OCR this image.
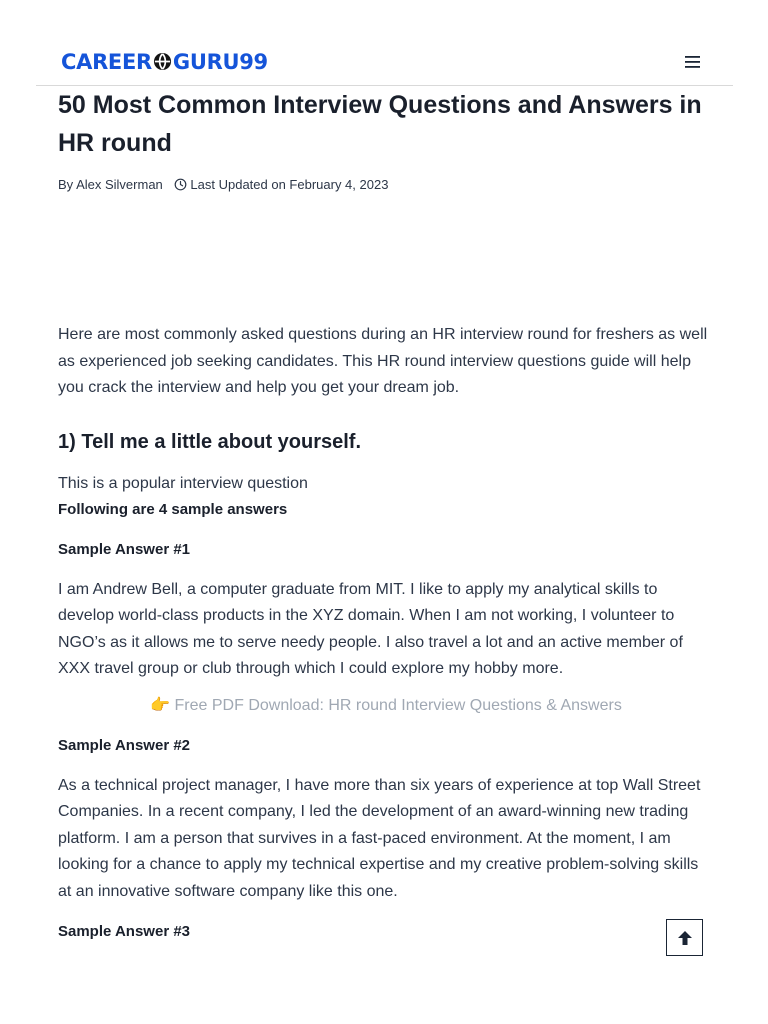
CAREER GURU99
50 Most Common Interview Questions and Answers in HR round
By Alex Silverman Last Updated on February 4, 2023

Here are most commonly asked questions during an HR interview round for freshers as well as experienced job seeking candidates. This HR round interview questions guide will help you crack the interview and help you get your dream job.

1) Tell me a little about yourself.

This is a popular interview question

Following are 4 sample answers

Sample Answer #1

I am Andrew Bell, a computer graduate from MIT. I like to apply my analytical skills to develop world-class products in the XYZ domain. When I am not working, I volunteer to NGO’s as it allows me to serve needy people. I also travel a lot and an active member of XXX travel group or club through which I could explore my hobby more.

👉 Free PDF Download: HR round Interview Questions & Answers

Sample Answer #2

As a technical project manager, I have more than six years of experience at top Wall Street Companies. In a recent company, I led the development of an award-winning new trading platform. I am a person that survives in a fast-paced environment. At the moment, I am looking for a chance to apply my technical expertise and my creative problem-solving skills at an innovative software company like this one.

Sample Answer #3
